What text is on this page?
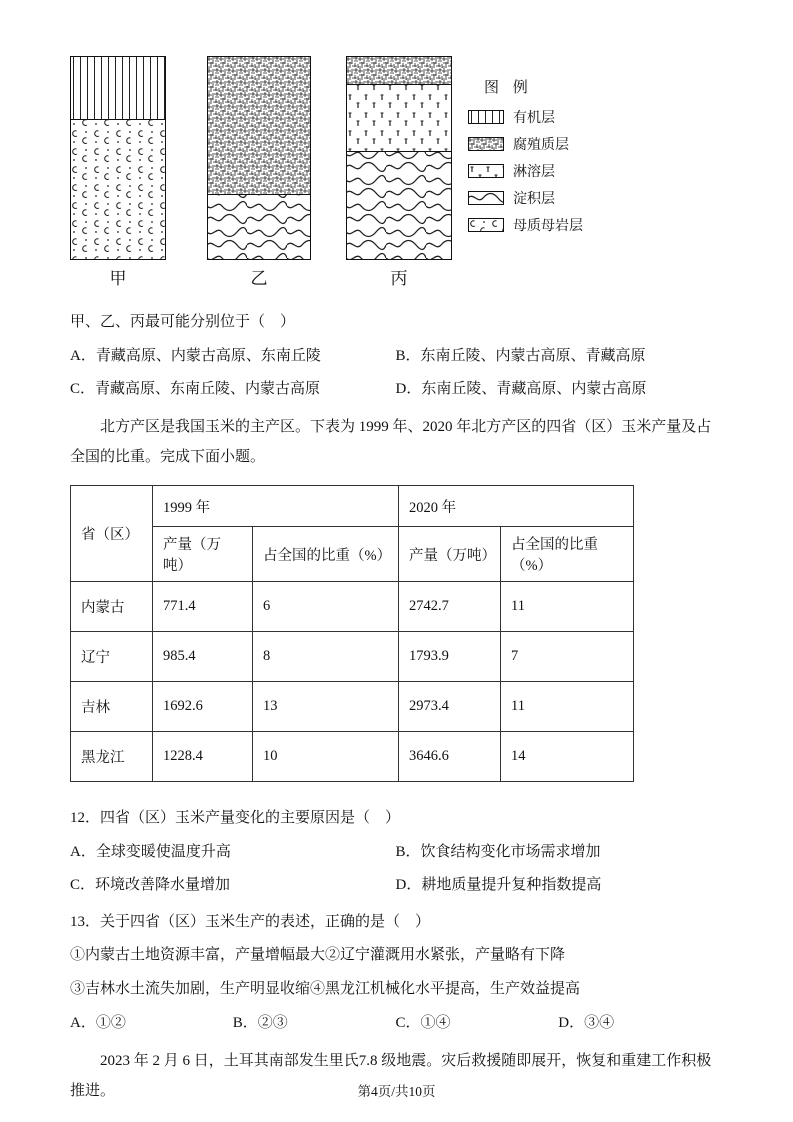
甲	乙	丙
图 例
有机层
腐殖质层
淋溶层
淀积层
母质母岩层
甲、乙、丙最可能分别位于（　）
A．青藏高原、内蒙古高原、东南丘陵	B．东南丘陵、内蒙古高原、青藏高原
C．青藏高原、东南丘陵、内蒙古高原	D．东南丘陵、青藏高原、内蒙古高原
北方产区是我国玉米的主产区。下表为 1999 年、2020 年北方产区的四省（区）玉米产量及占全国的比重。完成下面小题。
省（区）	1999 年		2020 年	
	产量（万吨）	占全国的比重（%）	产量（万吨）	占全国的比重（%）
内蒙古	771.4	6	2742.7	11
辽宁	985.4	8	1793.9	7
吉林	1692.6	13	2973.4	11
黑龙江	1228.4	10	3646.6	14
12．四省（区）玉米产量变化的主要原因是（　）
A．全球变暖使温度升高	B．饮食结构变化市场需求增加
C．环境改善降水量增加	D．耕地质量提升复种指数提高
13．关于四省（区）玉米生产的表述，正确的是（　）
①内蒙古土地资源丰富，产量增幅最大②辽宁灌溉用水紧张，产量略有下降
③吉林水土流失加剧，生产明显收缩④黑龙江机械化水平提高，生产效益提高
A．①②	B．②③	C．①④	D．③④
2023 年 2 月 6 日，土耳其南部发生里氏7.8 级地震。灾后救援随即展开，恢复和重建工作积极推进。	第4页/共10页
